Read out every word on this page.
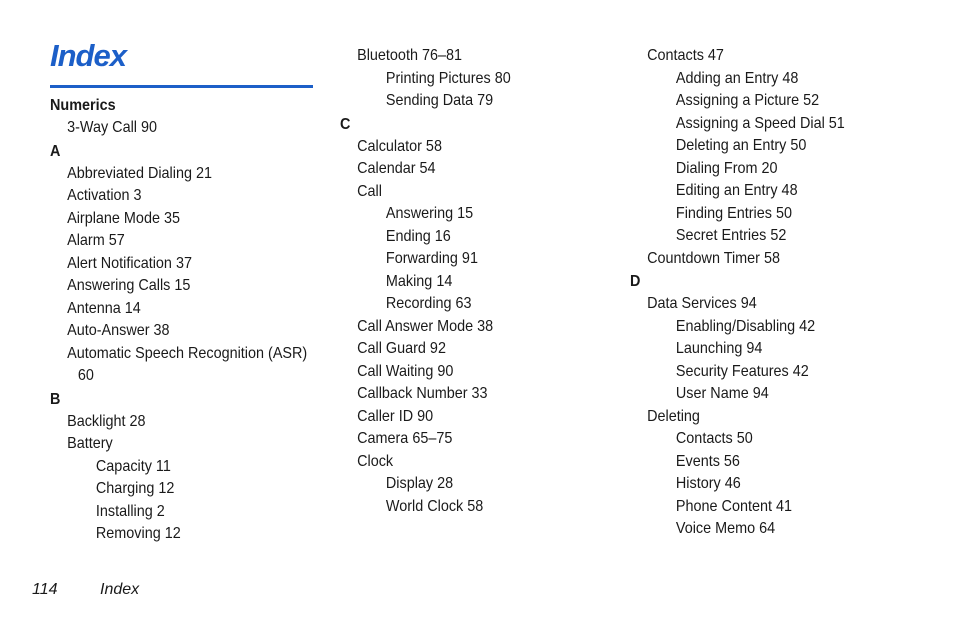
Index
Numerics
3-Way Call 90
A
Abbreviated Dialing 21
Activation 3
Airplane Mode 35
Alarm 57
Alert Notification 37
Answering Calls 15
Antenna 14
Auto-Answer 38
Automatic Speech Recognition (ASR)
60
B
Backlight 28
Battery
Capacity 11
Charging 12
Installing 2
Removing 12
Bluetooth 76–81
Printing Pictures 80
Sending Data 79
C
Calculator 58
Calendar 54
Call
Answering 15
Ending 16
Forwarding 91
Making 14
Recording 63
Call Answer Mode 38
Call Guard 92
Call Waiting 90
Callback Number 33
Caller ID 90
Camera 65–75
Clock
Display 28
World Clock 58
Contacts 47
Adding an Entry 48
Assigning a Picture 52
Assigning a Speed Dial 51
Deleting an Entry 50
Dialing From 20
Editing an Entry 48
Finding Entries 50
Secret Entries 52
Countdown Timer 58
D
Data Services 94
Enabling/Disabling 42
Launching 94
Security Features 42
User Name 94
Deleting
Contacts 50
Events 56
History 46
Phone Content 41
Voice Memo 64
114	Index
